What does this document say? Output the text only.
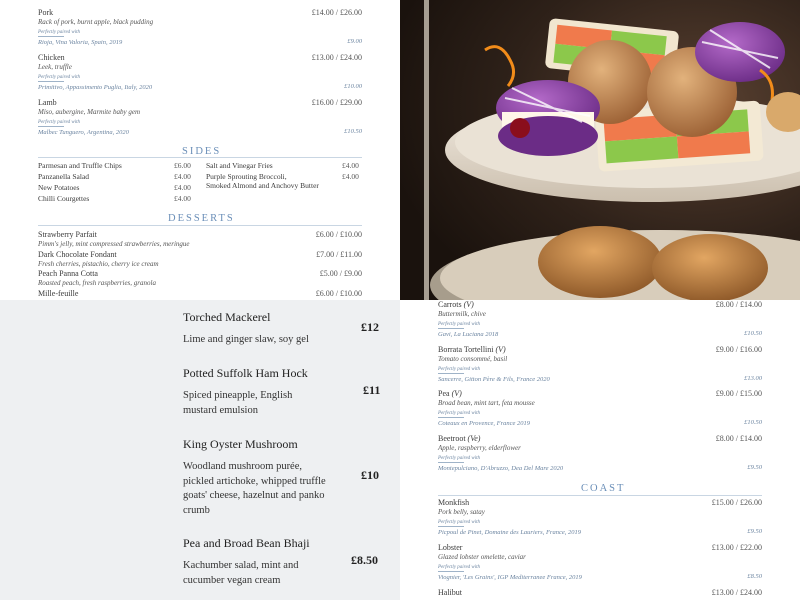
Pork
Rack of pork, burnt apple, black pudding
Perfectly paired with
Rioja, Vina Valoria, Spain, 2019
£14.00 / £26.00
£9.00
Chicken
Leek, truffle
Perfectly paired with
Primitivo, Appassimento Puglia, Italy, 2020
£13.00 / £24.00
£10.00
Lamb
Miso, aubergine, Marmite baby gem
Perfectly paired with
Malbec Tunguero, Argentina, 2020
£16.00 / £29.00
£10.50
SIDES
Parmesan and Truffle Chips	£6.00
Panzanella Salad	£4.00
New Potatoes	£4.00
Chilli Courgettes	£4.00
Salt and Vinegar Fries	£4.00
Purple Sprouting Broccoli,
Smoked Almond and Anchovy Butter
£4.00
DESSERTS
Strawberry Parfait
Pimm's jelly, mint compressed strawberries, meringue
£6.00 / £10.00
Dark Chocolate Fondant
Fresh cherries, pistachio, cherry ice cream
£7.00 / £11.00
Peach Panna Cotta
Roasted peach, fresh raspberries, granola
£5.00 / £9.00
Mille-feuille	£6.00 / £10.00
Torched Mackerel
Lime and ginger slaw, soy gel
£12
Potted Suffolk Ham Hock
Spiced pineapple, English mustard emulsion
£11
King Oyster Mushroom
Woodland mushroom purée, pickled artichoke, whipped truffle goats' cheese, hazelnut and panko crumb
£10
Pea and Broad Bean Bhaji
Kachumber salad, mint and cucumber vegan cream
£8.50
Carrots (V)
Buttermilk, chive
Perfectly paired with
Gavi, La Luciana 2018
£8.00 / £14.00
£10.50
Borrata Tortellini (V)
Tomato consommé, basil
Perfectly paired with
Sancerre, Gitton Père & Fils, France 2020
£9.00 / £16.00
£13.00
Pea (V)
Broad bean, mint tart, feta mousse
Perfectly paired with
Coteaux en Provence, France 2019
£9.00 / £15.00
£10.50
Beetroot (Ve)
Apple, raspberry, elderflower
Perfectly paired with
Montepulciano, D'Abruzzo, Dea Del Mare 2020
£8.00 / £14.00
£9.50
COAST
Monkfish
Pork belly, satay
Perfectly paired with
Picpoul de Pinet, Domaine des Lauriers, France, 2019
£15.00 / £26.00
£9.50
Lobster
Glazed lobster omelette, caviar
Perfectly paired with
Viognier, 'Les Grains', IGP Mediterranee France, 2019
£13.00 / £22.00
£8.50
Halibut	£13.00 / £24.00
